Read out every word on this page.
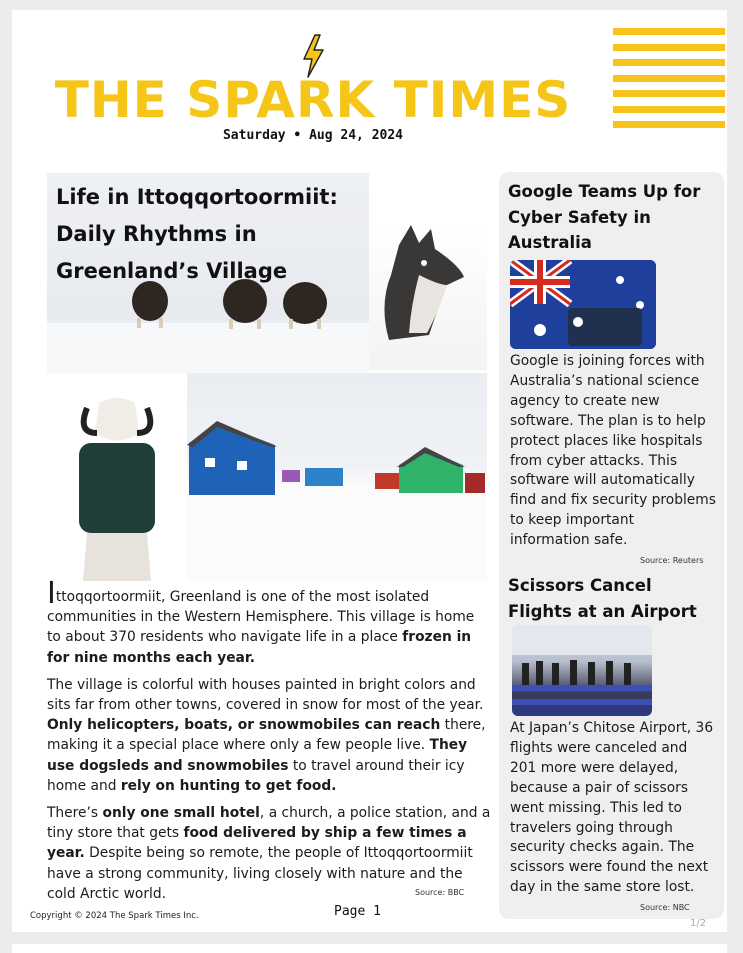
THE SPARK TIMES
Saturday • Aug 24, 2024
Life in Ittoqqortoormiit: Daily Rhythms in Greenland’s Village

Ittoqqortoormiit, Greenland is one of the most isolated communities in the Western Hemisphere. This village is home to about 370 residents who navigate life in a place frozen in for nine months each year.

The village is colorful with houses painted in bright colors and sits far from other towns, covered in snow for most of the year. Only helicopters, boats, or snowmobiles can reach there, making it a special place where only a few people live. They use dogsleds and snowmobiles to travel around their icy home and rely on hunting to get food.

There’s only one small hotel, a church, a police station, and a tiny store that gets food delivered by ship a few times a year. Despite being so remote, the people of Ittoqqortoormiit have a strong community, living closely with nature and the cold Arctic world.	Source: BBC
Google Teams Up for Cyber Safety in Australia
Google is joining forces with Australia’s national science agency to create new software. The plan is to help protect places like hospitals from cyber attacks. This software will automatically find and fix security problems to keep important information safe.
Source: Reuters
Scissors Cancel Flights at an Airport
At Japan’s Chitose Airport, 36 flights were canceled and 201 more were delayed, because a pair of scissors went missing. This led to travelers going through security checks again. The scissors were found the next day in the same store lost.
Source: NBC
Copyright © 2024 The Spark Times Inc.	Page 1
1/2
